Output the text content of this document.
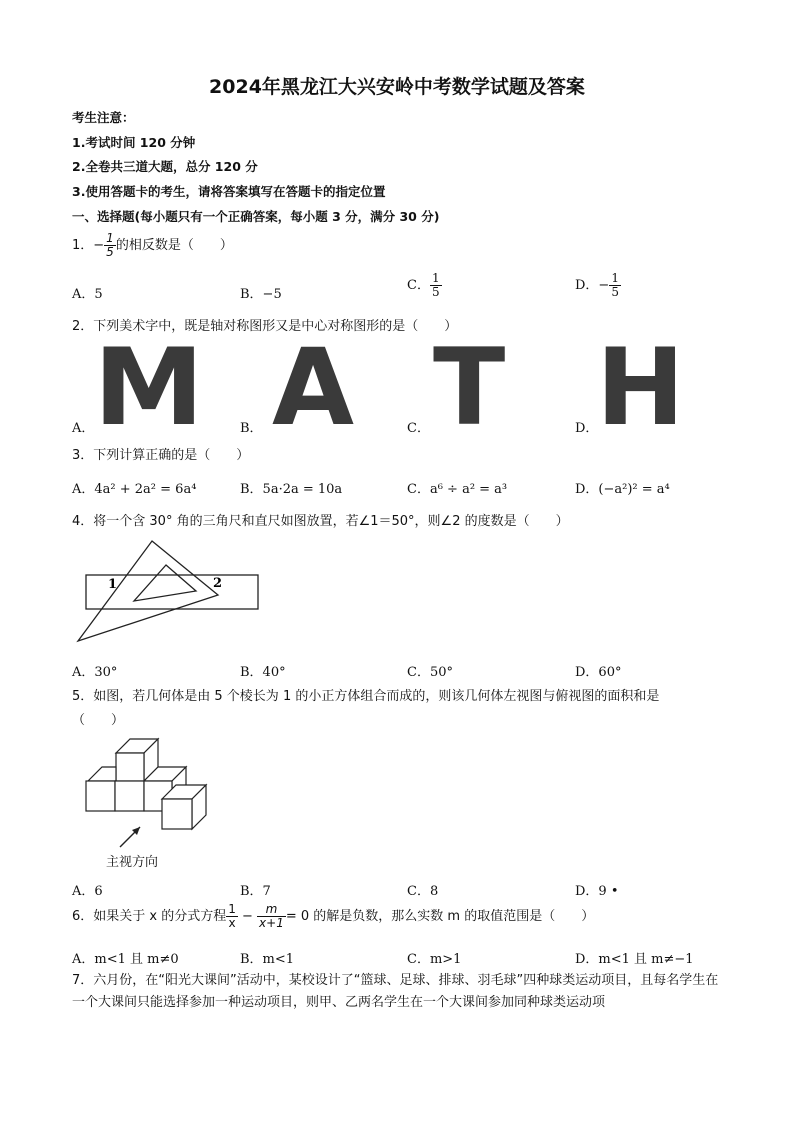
2024年黑龙江大兴安岭中考数学试题及答案
考生注意：
1.考试时间 120 分钟
2.全卷共三道大题，总分 120 分
3.使用答题卡的考生，请将答案填写在答题卡的指定位置
一、选择题(每小题只有一个正确答案，每小题 3 分，满分 30 分)
1．− $\frac{1}{5}$ 的相反数是（　　）
A．5	B．−5
C． $\frac{1}{5}$	D．− $\frac{1}{5}$
2．下列美术字中，既是轴对称图形又是中心对称图形的是（　　）
M A T H
A．	B．	C．	D．
3．下列计算正确的是（　　）
A．4a² + 2a² = 6a⁴	B．5a·2a = 10a	C．a⁶ ÷ a² = a³	D．(−a²)² = a⁴
4．将一个含 30° 角的三角尺和直尺如图放置，若∠1＝50°，则∠2 的度数是（　　）
1	2
A．30°	B．40°	C．50°	D．60°
5．如图，若几何体是由 5 个棱长为 1 的小正方体组合而成的，则该几何体左视图与俯视图的面积和是
（　　）
主视方向
A．6	B．7	C．8	D．9 •
6．如果关于 x 的分式方程 $\frac{1}{x} - \frac{m}{x+1} = 0$ 的解是负数，那么实数 m 的取值范围是（　　）
A．m<1 且 m≠0	B．m<1	C．m>1	D．m<1 且 m≠−1
7．六月份，在“阳光大课间”活动中，某校设计了“篮球、足球、排球、羽毛球”四种球类运动项目，且每名学生在一个大课间只能选择参加一种运动项目，则甲、乙两名学生在一个大课间参加同种球类运动项
